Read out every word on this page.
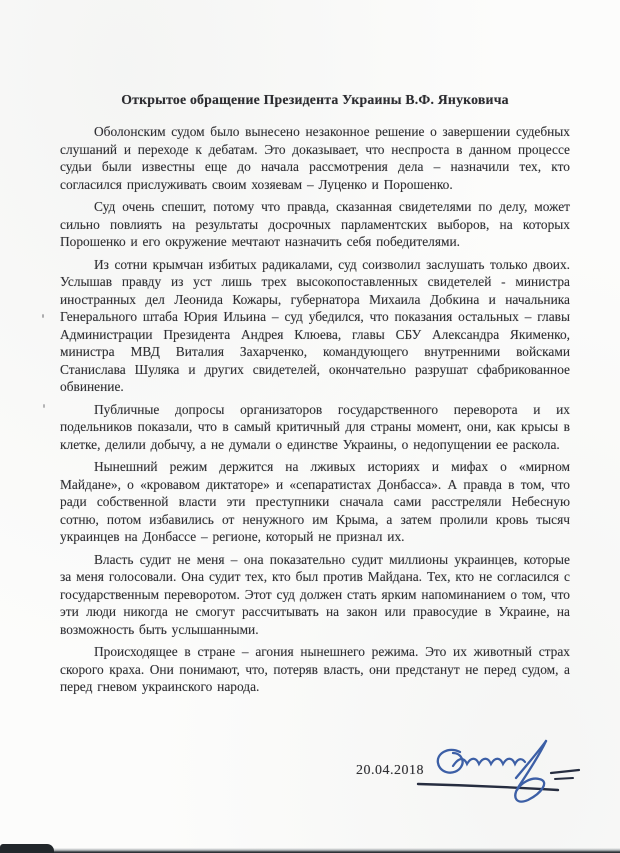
Открытое обращение Президента Украины В.Ф. Януковича

Оболонским судом было вынесено незаконное решение о завершении судебных слушаний и переходе к дебатам. Это доказывает, что неспроста в данном процессе судьи были известны еще до начала рассмотрения дела – назначили тех, кто согласился прислуживать своим хозяевам – Луценко и Порошенко.

Суд очень спешит, потому что правда, сказанная свидетелями по делу, может сильно повлиять на результаты досрочных парламентских выборов, на которых Порошенко и его окружение мечтают назначить себя победителями.

Из сотни крымчан избитых радикалами, суд соизволил заслушать только двоих. Услышав правду из уст лишь трех высокопоставленных свидетелей - министра иностранных дел Леонида Кожары, губернатора Михаила Добкина и начальника Генерального штаба Юрия Ильина – суд убедился, что показания остальных – главы Администрации Президента Андрея Клюева, главы СБУ Александра Якименко, министра МВД Виталия Захарченко, командующего внутренними войсками Станислава Шуляка и других свидетелей, окончательно разрушат сфабрикованное обвинение.

Публичные допросы организаторов государственного переворота и их подельников показали, что в самый критичный для страны момент, они, как крысы в клетке, делили добычу, а не думали о единстве Украины, о недопущении ее раскола.

Нынешний режим держится на лживых историях и мифах о «мирном Майдане», о «кровавом диктаторе» и «сепаратистах Донбасса». А правда в том, что ради собственной власти эти преступники сначала сами расстреляли Небесную сотню, потом избавились от ненужного им Крыма, а затем пролили кровь тысяч украинцев на Донбассе – регионе, который не признал их.

Власть судит не меня – она показательно судит миллионы украинцев, которые за меня голосовали. Она судит тех, кто был против Майдана. Тех, кто не согласился с государственным переворотом. Этот суд должен стать ярким напоминанием о том, что эти люди никогда не смогут рассчитывать на закон или правосудие в Украине, на возможность быть услышанными.

Происходящее в стране – агония нынешнего режима. Это их животный страх скорого краха. Они понимают, что, потеряв власть, они предстанут не перед судом, а перед гневом украинского народа.

20.04.2018
